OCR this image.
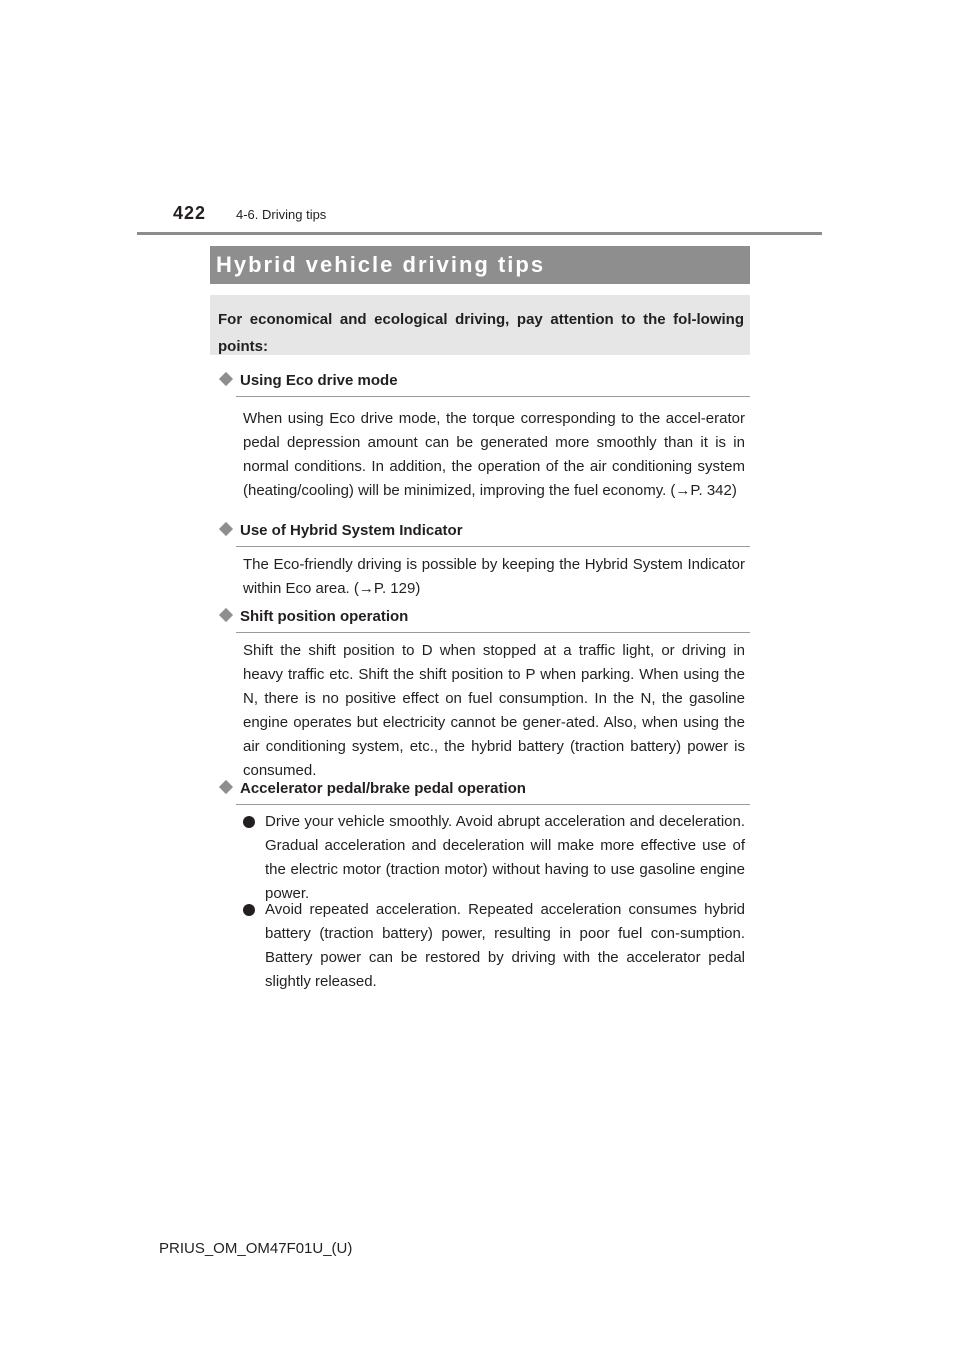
422 4-6. Driving tips
Hybrid vehicle driving tips
For economical and ecological driving, pay attention to the fol-lowing points:
Using Eco drive mode

When using Eco drive mode, the torque corresponding to the accel-erator pedal depression amount can be generated more smoothly than it is in normal conditions. In addition, the operation of the air conditioning system (heating/cooling) will be minimized, improving the fuel economy. (→P. 342)

Use of Hybrid System Indicator

The Eco-friendly driving is possible by keeping the Hybrid System Indicator within Eco area. (→P. 129)

Shift position operation

Shift the shift position to D when stopped at a traffic light, or driving in heavy traffic etc. Shift the shift position to P when parking. When using the N, there is no positive effect on fuel consumption. In the N, the gasoline engine operates but electricity cannot be gener-ated. Also, when using the air conditioning system, etc., the hybrid battery (traction battery) power is consumed.

Accelerator pedal/brake pedal operation

Drive your vehicle smoothly. Avoid abrupt acceleration and deceleration. Gradual acceleration and deceleration will make more effective use of the electric motor (traction motor) without having to use gasoline engine power.

Avoid repeated acceleration. Repeated acceleration consumes hybrid battery (traction battery) power, resulting in poor fuel con-sumption. Battery power can be restored by driving with the accelerator pedal slightly released.

PRIUS_OM_OM47F01U_(U)
